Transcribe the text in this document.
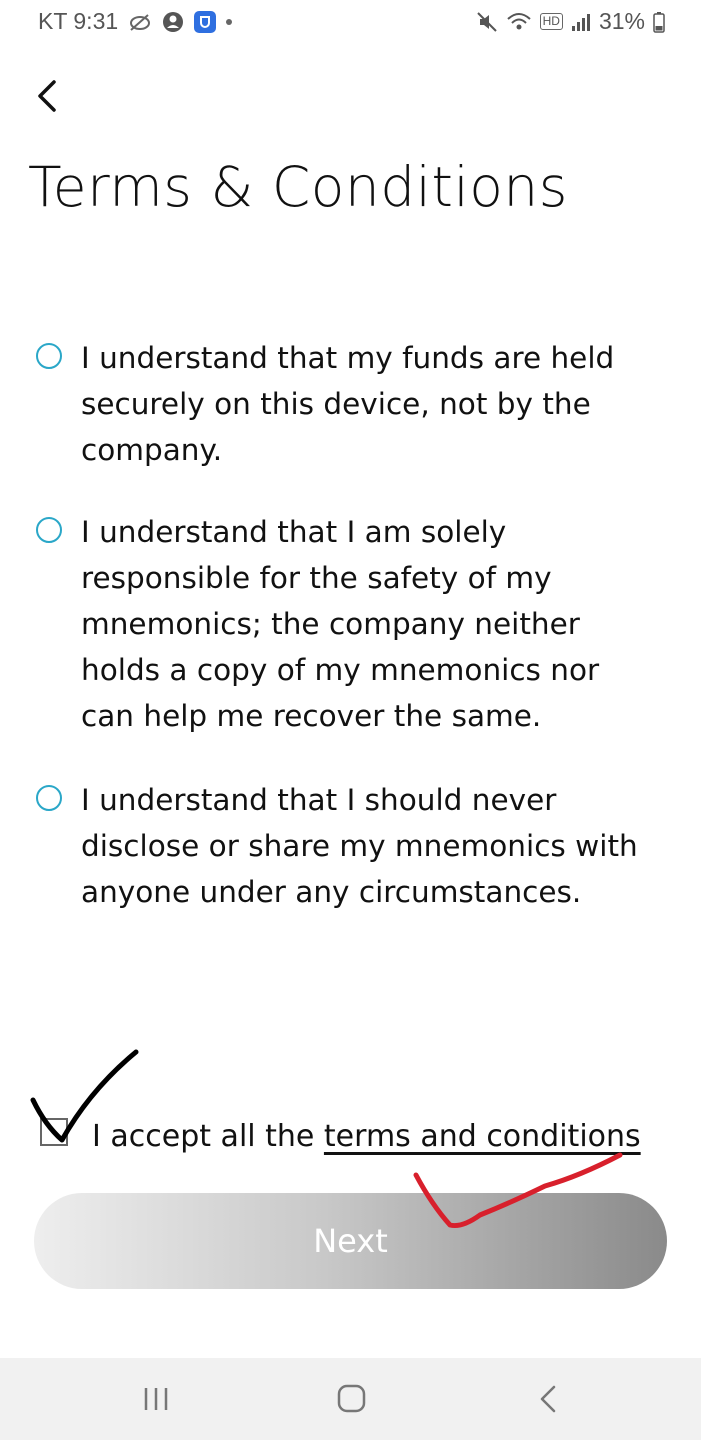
KT 9:31	HD 31%
Terms & Conditions
I understand that my funds are held securely on this device, not by the company.
I understand that I am solely responsible for the safety of my mnemonics; the company neither holds a copy of my mnemonics nor can help me recover the same.
I understand that I should never disclose or share my mnemonics with anyone under any circumstances.
I accept all the terms and conditions
Next
